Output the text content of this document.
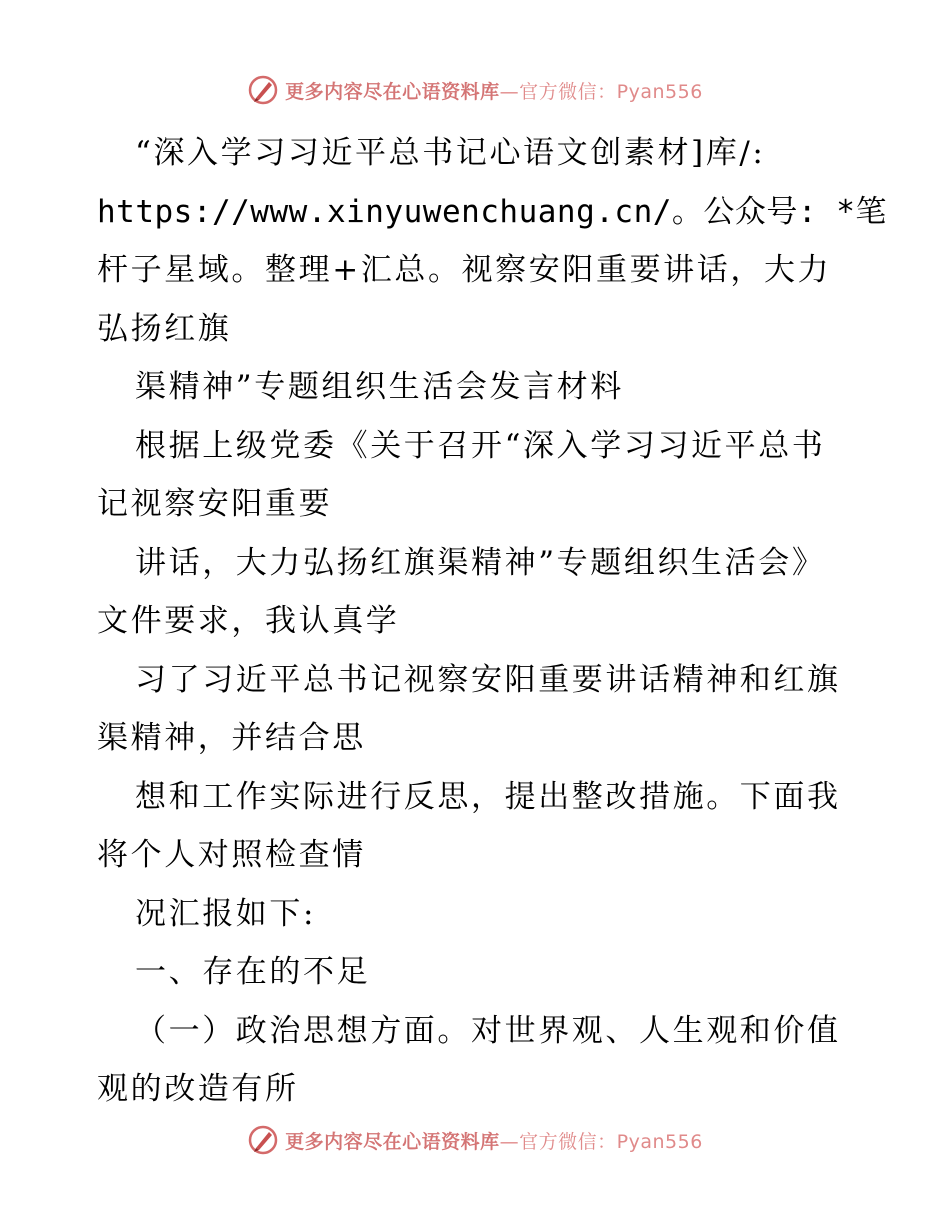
更多内容尽在心语资料库—官方微信：Pyan556
“深入学习习近平总书记心语文创素材]库/:
https://www.xinyuwenchuang.cn/。公众号: *笔
杆子星域。整理+汇总。视察安阳重要讲话，大力
弘扬红旗
渠精神”专题组织生活会发言材料
根据上级党委《关于召开“深入学习习近平总书
记视察安阳重要
讲话，大力弘扬红旗渠精神”专题组织生活会》
文件要求，我认真学
习了习近平总书记视察安阳重要讲话精神和红旗
渠精神，并结合思
想和工作实际进行反思，提出整改措施。下面我
将个人对照检查情
况汇报如下:
一、存在的不足
（一）政治思想方面。对世界观、人生观和价值
观的改造有所
更多内容尽在心语资料库—官方微信：Pyan556
